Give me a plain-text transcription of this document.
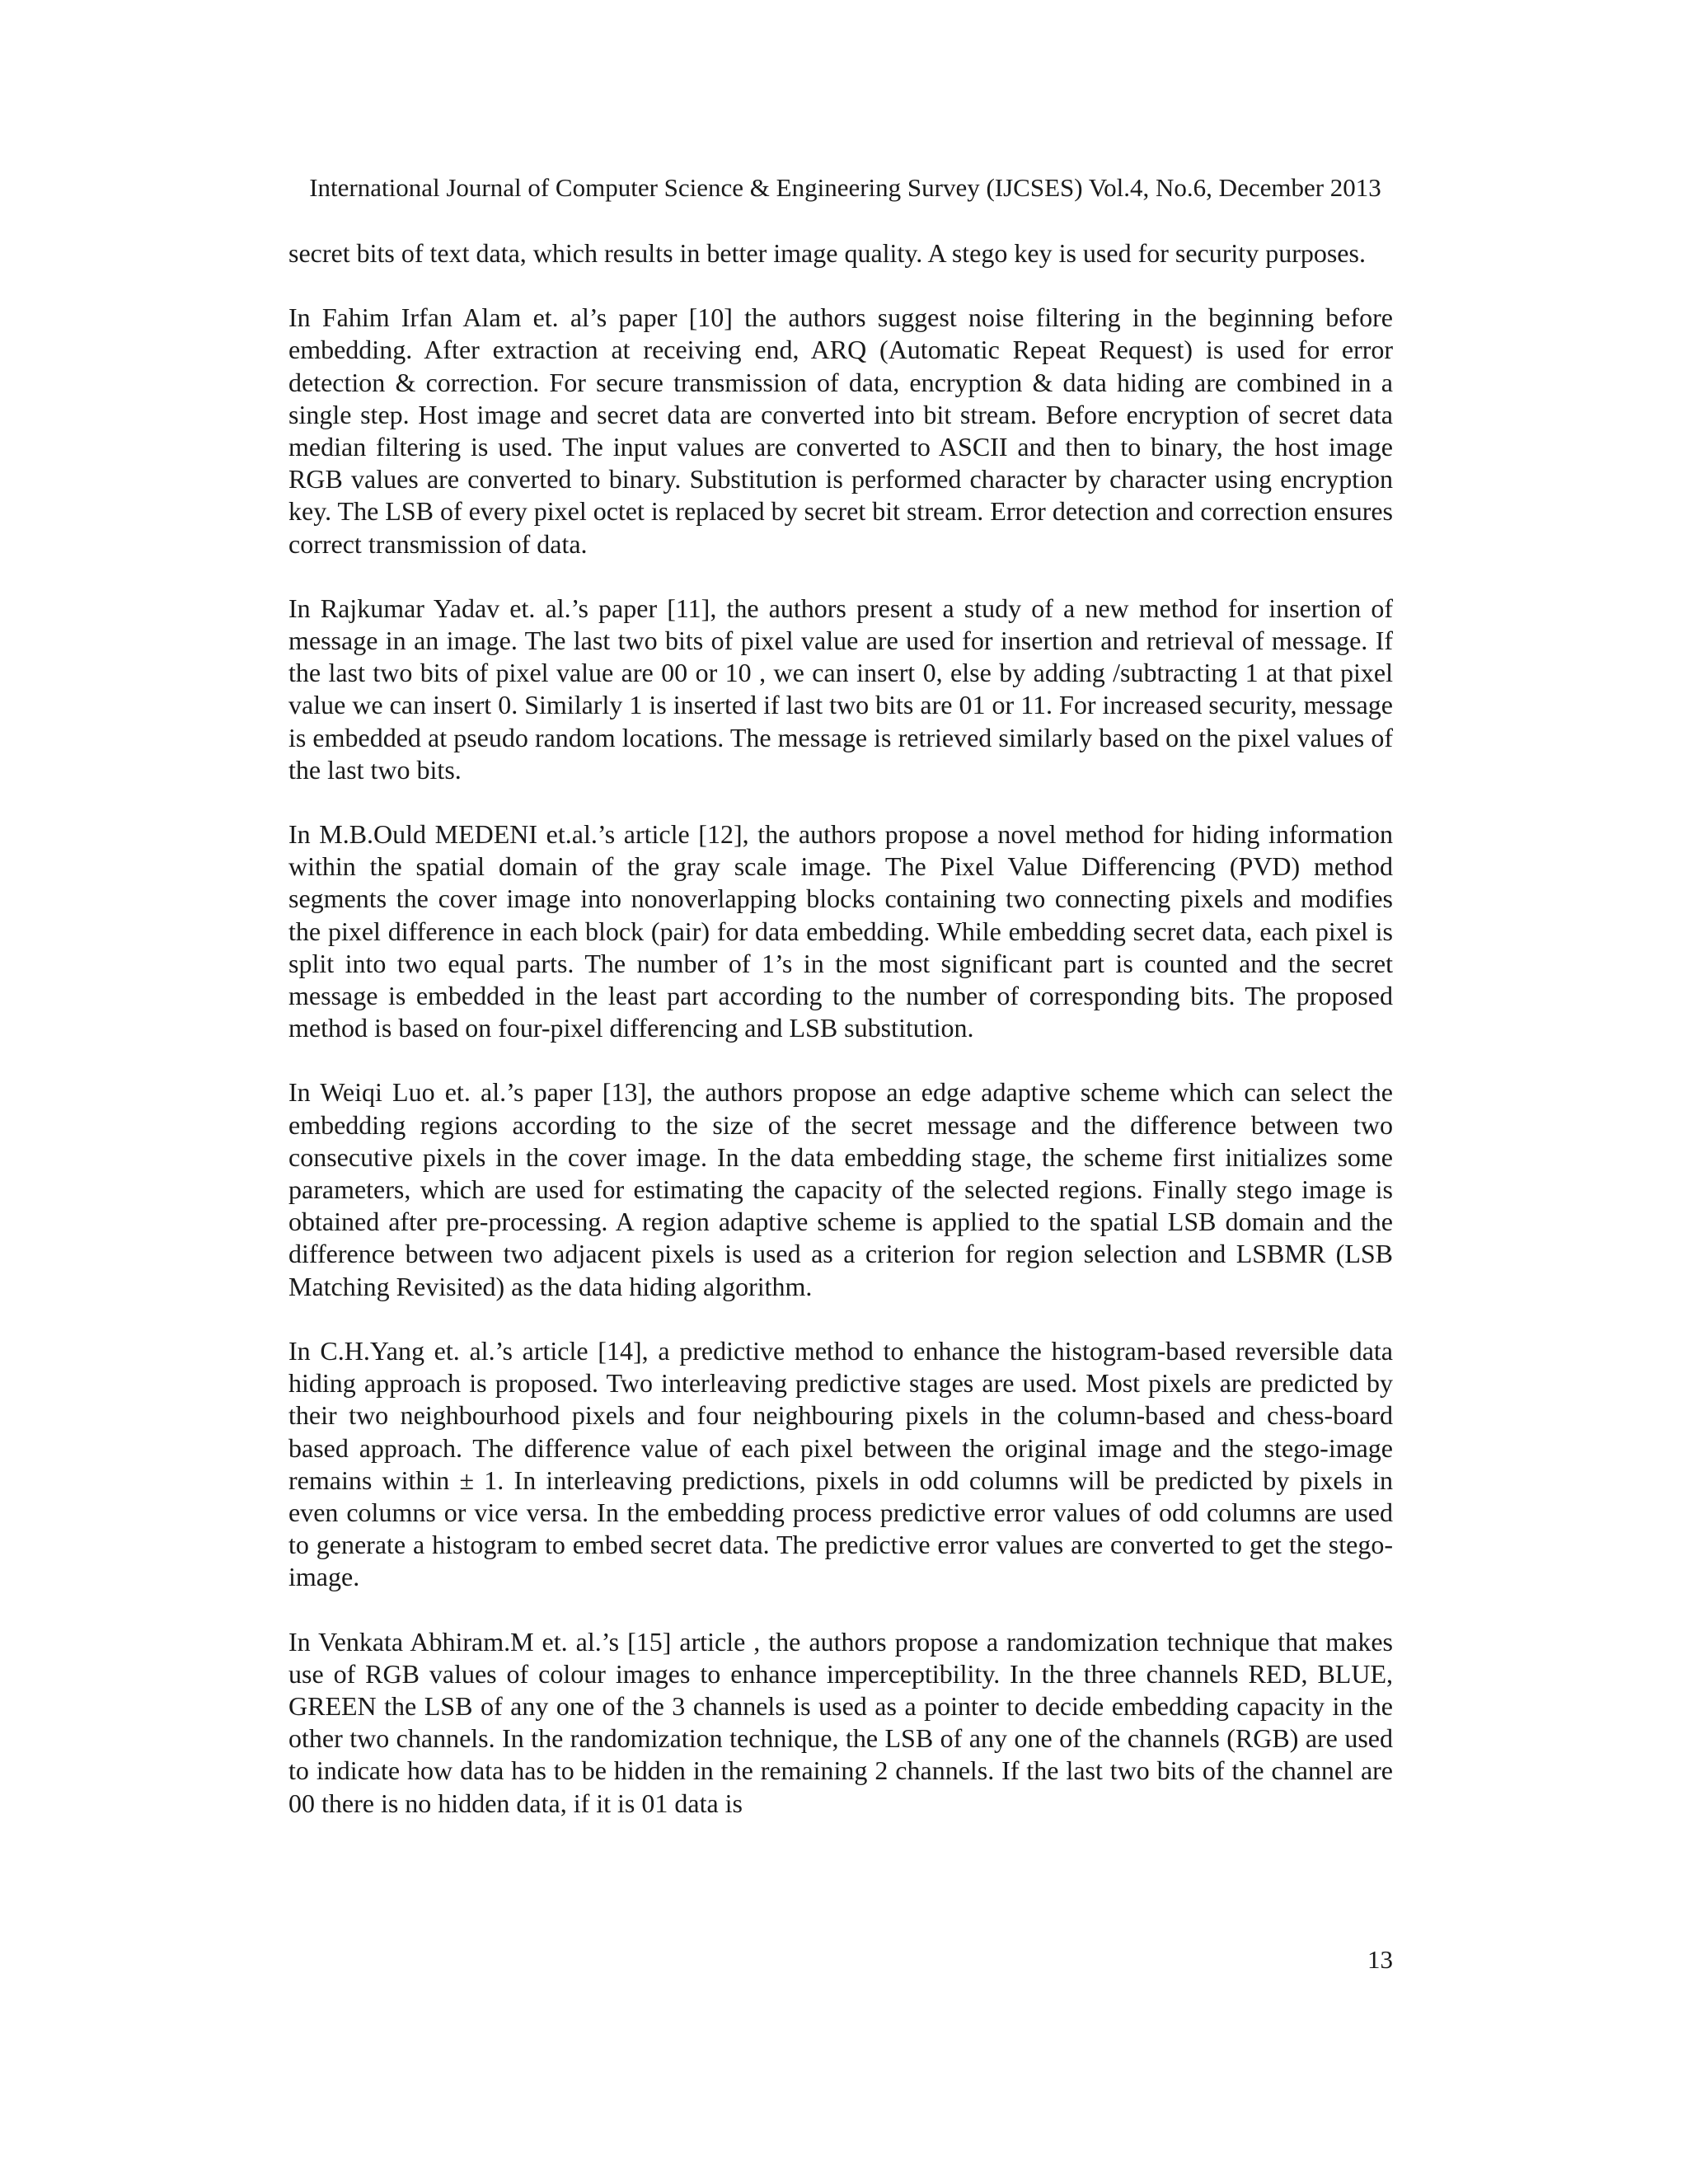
International Journal of Computer Science & Engineering Survey (IJCSES) Vol.4, No.6, December 2013

secret bits of text data, which results in better image quality. A stego key is used for security purposes.

In Fahim Irfan Alam et. al’s paper [10] the authors suggest noise filtering in the beginning before embedding. After extraction at receiving end, ARQ (Automatic Repeat Request) is used for error detection & correction. For secure transmission of data, encryption & data hiding are combined in a single step. Host image and secret data are converted into bit stream. Before encryption of secret data median filtering is used. The input values are converted to ASCII and then to binary, the host image RGB values are converted to binary. Substitution is performed character by character using encryption key. The LSB of every pixel octet is replaced by secret bit stream. Error detection and correction ensures correct transmission of data.

In Rajkumar Yadav et. al.’s paper [11], the authors present a study of a new method for insertion of message in an image. The last two bits of pixel value are used for insertion and retrieval of message. If the last two bits of pixel value are 00 or 10 , we can insert 0, else by adding /subtracting 1 at that pixel value we can insert 0. Similarly 1 is inserted if last two bits are 01 or 11. For increased security, message is embedded at pseudo random locations. The message is retrieved similarly based on the pixel values of the last two bits.

In M.B.Ould MEDENI et.al.’s article [12], the authors propose a novel method for hiding information within the spatial domain of the gray scale image. The Pixel Value Differencing (PVD) method segments the cover image into nonoverlapping blocks containing two connecting pixels and modifies the pixel difference in each block (pair) for data embedding. While embedding secret data, each pixel is split into two equal parts. The number of 1’s in the most significant part is counted and the secret message is embedded in the least part according to the number of corresponding bits. The proposed method is based on four-pixel differencing and LSB substitution.

In Weiqi Luo et. al.’s paper [13], the authors propose an edge adaptive scheme which can select the embedding regions according to the size of the secret message and the difference between two consecutive pixels in the cover image. In the data embedding stage, the scheme first initializes some parameters, which are used for estimating the capacity of the selected regions. Finally stego image is obtained after pre-processing. A region adaptive scheme is applied to the spatial LSB domain and the difference between two adjacent pixels is used as a criterion for region selection and LSBMR (LSB Matching Revisited) as the data hiding algorithm.

In C.H.Yang et. al.’s article [14], a predictive method to enhance the histogram-based reversible data hiding approach is proposed. Two interleaving predictive stages are used. Most pixels are predicted by their two neighbourhood pixels and four neighbouring pixels in the column-based and chess-board based approach. The difference value of each pixel between the original image and the stego-image remains within ± 1. In interleaving predictions, pixels in odd columns will be predicted by pixels in even columns or vice versa. In the embedding process predictive error values of odd columns are used to generate a histogram to embed secret data. The predictive error values are converted to get the stego-image.

In Venkata Abhiram.M et. al.’s [15] article , the authors propose a randomization technique that makes use of RGB values of colour images to enhance imperceptibility. In the three channels RED, BLUE, GREEN the LSB of any one of the 3 channels is used as a pointer to decide embedding capacity in the other two channels. In the randomization technique, the LSB of any one of the channels (RGB) are used to indicate how data has to be hidden in the remaining 2 channels. If the last two bits of the channel are 00 there is no hidden data, if it is 01 data is

13
